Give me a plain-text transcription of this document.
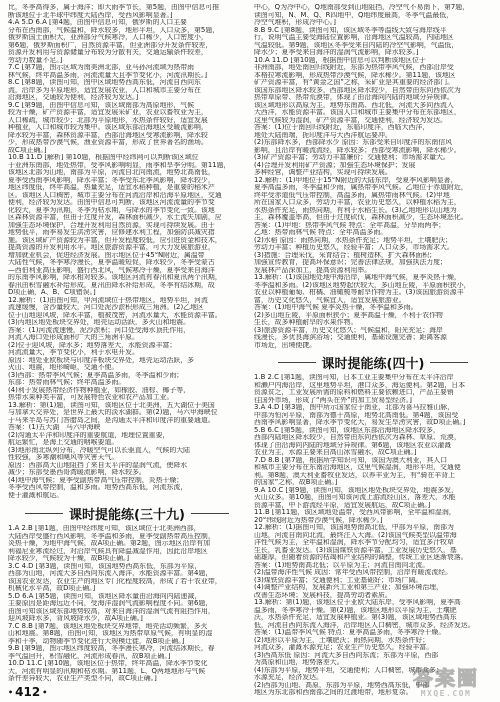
比，冬季高得多，属于海洋；即大雨季节长，第5题，由图中信息可推
断该地位于北半球中纬度大陆西岸，受西风影响显著。]
4.A 5.D 6.A [第4题，由图中信息可知，俄罗斯的人口主要
分布在西南部，气候温和，降水较多，地形平坦，人口众多，第5题，
俄罗斯国土面积大，亚洲部分气候寒冷，人口稀少，人口密度小，
第6题，俄罗斯面积广，自然资源丰富，但亚洲部分开发条件较差，
资源开发利用与资源储量分布较为分散有关，交通运输条件较差，
劳动力数量不足。]
7.C [第7题，图示区域为南美洲北部，亚马孙河流域为热带雨
林气候，终年高温多雨，河流流量大且季节变化小，河流汛期长。]
8.C [第8题，读图可知，图中区域地势西高东低，河流自西向东
流，沿岸多为平原地形，适宜发展农业，人口和城市主要分布在
沿海地区，交通较为便利，经济较为发达。]
9.C [第9题，由图中信息可知，该区域南部为高原地形，气候
较为干燥，矿产资源丰富，适宜发展采矿业，农业以畜牧业为主，
人口稀疏，城市较少；北部为平原地形，水热条件较好，适宜发展
种植业，人口和城市较为集中。该区域东部沿海地区受暖流影响，
降水较为丰富，森林资源丰富，西部沿海地区受寒流影响，降水较
少，形成热带沙漠气候，渔业资源丰富，形成了世界著名的渔场。
故C项正确。]
10.B 11.D [解析] 第10题，根据图中经纬网可以判断该区域位
于亚洲东南部，地处热带，受季风影响明显，雨季和旱季分明。第11题，
该地区北部为山地，南部为平原，河流自北向南流，地势北高南低，
夏季受西南季风影响，降水丰富；冬季受东北季风影响，降水较少，
地区纬度低，终年高温，热量充足，适宜水稻种植，是重要的稻米产
区。该地区人口稠密，城市主要分布在河流沿岸和沿海平原地区，交通
便利，经济较为发达。由图中信息可判断，该地区河流流量的季节变
化较大，夏季为汛期，冬季为枯水期，与降水的季节变化一致。该地
区森林资源丰富，但由于过度开发，森林面积减少，水土流失加剧，应
加强生态环境保护，合理开发利用自然资源，实现可持续发展。由于
地势低平，雨季易发生洪涝灾害，应修建水利工程，加强防洪减灾措
施。该区域矿产资源较为丰富，但开发程度较低，应引进资金和技术，
提高资源的开发利用水平。地区旅游资源丰富，可大力发展旅游业，
增加就业机会，促进经济发展。图示地区位于45°N附近，属温带
大陆性气候，冬季寒冷漫长，夏季温暖短促，降水较少，冬季受蒙古
—西伯利亚高压影响，盛行西北风，气候寒冷干燥，夏季受来自海洋
的东南季风影响，降水相对较多。该地区河流有春汛和夏汛两个汛期，
春汛由积雪融水补给形成，夏汛由降水补给形成，冬季有结冰期，故
D项正确，A、B、C项错误。]
12.解析：(1)由图可知，甲河流域位于热带地区，地势平坦，河流
流速缓慢，含沙量较大，河口处泥沙淤积形成三角洲。(2)乙地区
位于山地迎风坡，降水丰富，植被茂密，河流水量大，水能资源丰富。
(3)丙地区地处板块交界处，地壳运动活跃，多火山和地震。
答案：(1)河流流速慢，泥沙淤积；河口处受海水顶托作用，
河流入海口处形成面积广大的三角洲平原。
(2)位于迎风坡，降水多；地势落差大，水能资源丰富；
河流流量大，季节变化小，利于水电开发。
原因：地处亚欧板块与印度洋板块交界处，地壳运动活跃，多
火山、地震，地形崎岖，交通不便。
(3)西部：热带季风气候；夏季高温多雨，冬季温和少雨；
东部：热带雨林气候；终年高温多雨。
(4)利于发展热带经济作物种植业，如橡胶、油棕、椰子等，
热带水果种类丰富，可发展特色农业和农产品加工业。
13.解析：第(1)题，读图可知，该地区位于北美洲，五大湖位于美国
与加拿大交界处，是世界上最大的淡水湖群。第(2)题，马六甲海峡位
于马来半岛与苏门答腊岛之间，是沟通太平洋和印度洋的重要通道。
答案：(1)五大湖　马六甲海峡
(2)沟通太平洋和印度洋的重要航道，地理位置重要，
航运繁忙，是海上交通的咽喉要道。
(3)地形南北纵列分布，冷暖空气可以长驱直入，气候的大陆
性较强，多寒潮和飓风等灾害天气。
原因：西部高大山地阻挡了来自太平洋的湿润气流，使降水
减少；东部受墨西哥湾暖流影响，降水较多。
(4)地中海气候；夏季受副热带高气压带控制，炎热干燥；
冬季受西风带控制，温和多雨。地势西高东低，河流东流，
便于灌溉和航运。
课时提能练(三十九)
1.A 2.B [第1题，由图中经纬度可知，该区域位于北美洲西部，
大陆西岸受盛行西风影响，冬季温和多雨，夏季受副热带高压控制，
炎热干燥，为地中海气候，故A项正确。第2题，图示地区沿岸有加
利福尼亚寒流经过，对沿岸气候具有降温减湿作用，因此沿岸地区
降水较少，气候较为干燥，故B项正确。]
3.C 4.D [第3题，读图可知，该国地势西高东低，东部为平原，
西部为山地，河流大多自西向东流入海洋，水能资源丰富。第4题，
该国农业发达，农业生产的地区专门化程度较高，形成了若干农业带，
机械化水平高，故D项正确。]
5.D 6.A [第5题，读图可知，该地区降水量由沿海向内陆递减，
主要原因是距海远近不同，受海洋湿润气流影响程度不同。第6题，
由图可知该区域东部地势较高，对来自海洋的湿润气流有阻挡作用，
迎风坡降水多，背风坡降水少，故A项正确。]
7.C 8.B [第7题，该地区地处板块交界地带，地壳活动频繁，多火
山和地震。第8题，由图可知，该地区为热带草原气候，有明显的湿
季和干季，动物随季节变化进行大规模迁徙，故B项正确。]
9.B [第9题，图示地区纬度较高，冬季漫长寒冷，河流结冰期长，春
季气温回升，积雪融化，河流形成春汛，故B项正确。]
10.D 11.C [第10题，该地区位于热带，终年高温，降水季节变化
大，河流有明显的汛期和枯水期。第11题，L、Q两地地形与气候
条件差异较大，农业生产类型不同，故C项正确。]
中心，Q为冷中心，Q地南部受到山地阻挡，冷空气不易南下，第7题，
读图可知，N、M、Q、R四地中，Q地纬度最高，冬季气温最低，
冷空气堆积，形成冷中心。]
8.B 9.C [第8题，读图可知，该区域冬季等温线大致与海岸线平
行，说明气温主要受海陆位置影响，沿海地区气温较高，内陆地区
气温较低。第9题，该地区冬季受来自内陆的冷空气影响，气温低，
降水少；夏季受来自海洋的湿润气流影响，降水较多。]
10.A 11.D [第10题，根据图中信息可以判断该地区位于
非洲南部，地处南回归线附近，东部为热带季风气候，西部沿岸受
本格拉寒流影响，形成热带沙漠气候，降水稀少。第11题，该地区
矿产资源丰富，有“黄金之国”之称，采矿业是其重要的经济部门。
该国东部地区降水较多，西部地区降水较少，自然带由东向西依次为
热带草原带、热带荒漠带，体现了由沿海向内陆的地域分异规律。
该区域地形以高原为主，地势东南高、西北低，河流大多向西流入
大西洋，水能资源丰富。该国人口和城市主要集中分布在东部地区，
这里气候较为湿润，矿产资源丰富，交通便利，经济较为发达。
答案：(1)位于南回归线附近，东临印度洋，西临大西洋，
地处大陆南端，扼印度洋与大西洋航运要冲。
(2)东部降水多，西部降水少 原因：东部受来自印度洋的东南信风
影响，且沿岸有暖流流经，降水较多；西部受寒流影响，降水稀少。
(3)矿产资源丰富；劳动力丰富廉价；交通便利；市场需求量大。
(4)合理开发利用矿产资源；加强生态环境保护；发展
多种经营，调整产业结构，实现可持续发展。
12.解析：(1)甲地位于15°N附近的大陆东岸，受夏季风影响显著，
夏季高温多雨，冬季温和少雨，属热带季风气候。乙地位于赤道附近，
终年受赤道低气压带控制，高温多雨，属热带雨林气候。(2)甲地
所在国家人口众多，劳动力丰富，农业历史悠久，以种植水稻为主，
水热条件充足，雨热同期，有利于水稻生长。(3)乙地地形以山地为
主，森林覆盖率高，但由于过度砍伐，森林面积减少，生态环境恶化。
答案：(1)甲地：热带季风气候 特点：全年高温，分旱雨两季；
乙地：热带雨林气候 特点：全年高温多雨。
(2)水稻 原因：雨热同期，水热条件充足；地势平坦，土壤肥沃；
劳动力丰富；种植历史悠久，经验丰富；人口众多，市场需求大。
(3)措施：合理采伐，采育结合；植树造林，扩大森林面积；
加强宣传教育，提高环保意识；完善法律法规，加强执法力度；
发展林产品深加工，提高资源利用率。
13.解析：(1)该国地处地中海沿岸，属地中海气候，夏季炎热干燥，
冬季温和多雨。(2)该地区地势起伏较大，多山地丘陵，平原面积狭小，
农业以种植葡萄、柑橘、油橄榄等耐旱作物为主。(3)该国旅游资源丰
富，历史文化悠久，气候宜人，适宜发展旅游业。
答案：(1)地中海气候 夏季炎热干燥，冬季温和多雨。
(2)多山地丘陵，平原面积狭小；夏季高温干燥，不利于农作物
生长，故多种植耐旱的水果作物。
(3)旅游资源丰富，历史文化悠久；气候温和，阳光充足；海岸
线漫长，多优良海滨浴场；交通便利，基础设施完善；距离客源
市场近，出境便捷。
课时提能练(四十)
1.B 2.C [第1题，读图可知，日本工业主要集中分布在太平洋沿岸
和濑户内海沿岸，这里地势平坦，港口众多，海运便利。第2题，日本
资源贫乏，工业发展所需的原料和燃料主要依赖进口，产品主要销
往国外市场，形成了“两头在外”的加工贸易型经济。]
3.A 4.D [第3题，图中所示国家位于南亚，北部为喜马拉雅山脉，
中部为恒河平原，南部为德干高原，地势北高南低。第4题，该国受
西南季风影响显著，降水季节变化大，易发生旱涝灾害，故D项正确。]
5.B 6.C [第5题，读图可知，该地区东部沿海地区降水较多，
西部内陆地区降水较少，自然带由东向西依次为森林、草原、荒漠，
体现了由沿海向内陆的地域分异规律。第6题，该地区农业以灌溉
农业为主，水源主要来自高山冰雪融水，故C项正确。]
7.D 8.B [第7题，根据所学知识可知，该国为澳大利亚，其人口
和城市主要分布在东南沿海地区，这里气候湿润，地形平坦，交通便
利。第8题，澳大利亚畜牧业发达，以养羊业为主，有“骑在羊背上
的国家”之称，故B项正确。]
9.A 10.C [第9题，读图可知，该地区地处板块交界处，地震多发，
火山众多。第10题，由图可知该河流上游流经山区，落差大，水能
资源丰富，中下游流经平原，适宜发展航运，故C项正确。]
11.B [第11题，该区域地处温带，受西风带影响，全年温和湿润，
20°纬线附近为热带沙漠气候，降水稀少。]
12.解析：(1)据图可知，该国地势南高北低，中部为平原，南部为
山地，河流自南向北流，最终注入大海。(2)该国气候类型以温带海
洋性气候为主，全年温和湿润，降水季节分配均匀，适宜多汁牧草
生长，乳畜业发达。(3)该国煤铁资源丰富，工业发展历史悠久，基
础雄厚，但随着资源的枯竭和产业结构的调整，传统工业区逐渐衰落。
答案：(1)地势南高北低；以平原为主；河流自南向北流。
(2)温带海洋性气候 成因：常年受西风带控制，沿岸有暖流流经。
(3)煤铁资源丰富；交通便利；工业基础好；市场广阔。
(4)调整产业结构，发展新兴工业和第三产业；加强环境治理，
改善生态环境；发展科技，提高劳动者素质。
13.解析：第(1)题，该地区位于亚欧大陆东岸，受季风影响，夏季高
温多雨，冬季寒冷干燥。第(2)题，该地区地形以平原为主，土壤肥
沃，水热条件充足，适宜发展种植业。第(3)题，该区域地势西高东
低，河流自西向东流入海洋，沿岸地区人口稠密，城市众多，经济发达。
答案：(1)温带季风气候 特点：夏季高温多雨，冬季寒冷干燥。
(2)地形以平原为主，土壤肥沃；雨热同期，水热条件好；
河流众多，灌溉水源充足；农业生产历史悠久，经验丰富。
(3)西高东低 原因：河流大多自西向东流；东部为平原，西部
为高原和山地，地势落差大。
(4)东部为平原，地势平坦，交通便利；人口稠密，城市众多；
水源充足，经济发达。
(2)西部为山地、高原，东部为平原，地势西高东低，中部
地区为东北部和西南部之间的过渡地带，地形复杂。
• 412 •
答案圈
MXQE.COM
